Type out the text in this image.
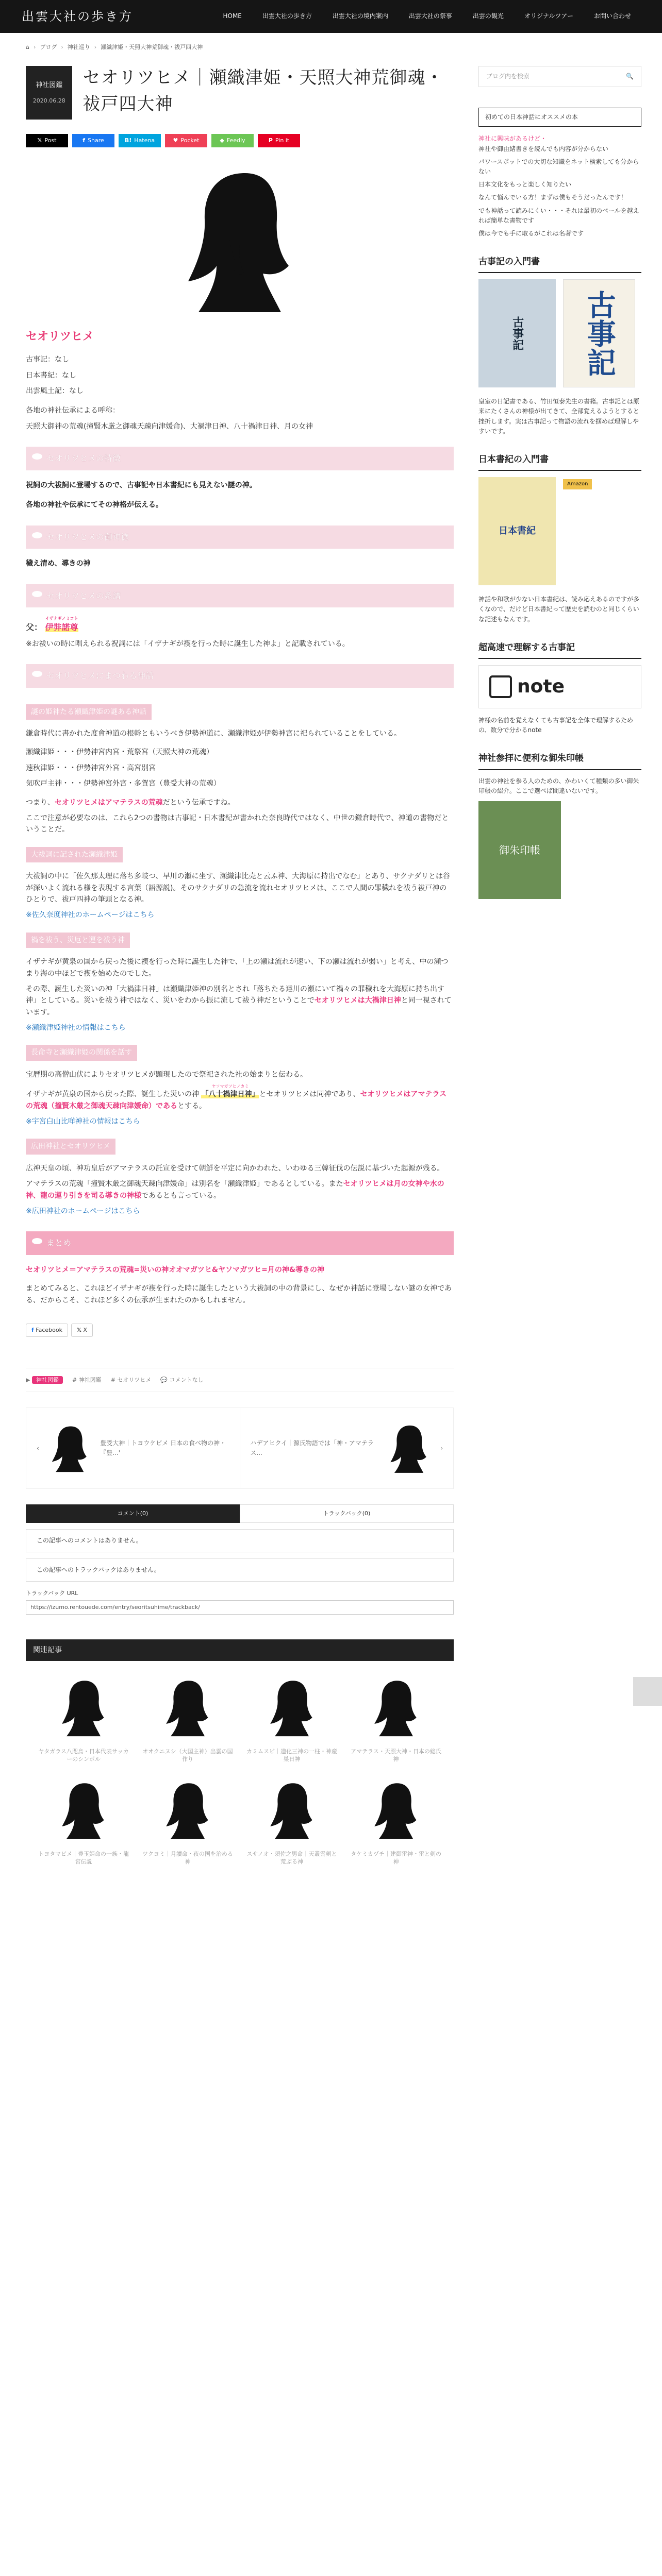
出雲大社の歩き方	HOME	出雲大社の歩き方	出雲大社の境内案内	出雲大社の祭事	出雲の観光	オリジナルツアー	お問い合わせ
⌂ › ブログ › 神社巡り › 瀬織津姫・天照大神荒御魂・祓戸四大神
神社図鑑
2020.06.28
セオリツヒメ｜瀬織津姫・天照大神荒御魂・祓戸四大神
𝕏 Post	f Share	B! Hatena	♥ Pocket	◆ Feedly	P Pin it
セオリツヒメ

古事記：なし

日本書紀：なし

出雲風土記：なし

各地の神社伝承による呼称：

天照大御神の荒魂(撞賢木厳之御魂天疎向津媛命)、大禍津日神、八十禍津日神、月の女神

セオリツヒメの特徴

祝詞の大祓詞に登場するので、古事記や日本書紀にも見えない謎の神。

各地の神社や伝承にてその神格が伝える。

セオリツヒメの御神徳

穢え清め、導きの神

セオリツヒメの系譜
父：
イザナギノミコト
伊弉諾尊

※お祓いの時に唱えられる祝詞には「イザナギが禊を行った時に誕生した神よ」と記載されている。

セオリツヒメにまつわる神話
謎の姫神たる瀬織津姫の謎ある神話

鎌倉時代に書かれた度會神道の根幹ともいうべき伊勢神道に、瀬織津姫が伊勢神宮に祀られていることをしている。

瀬織津姫・・・伊勢神宮内宮・荒祭宮（天照大神の荒魂）

速秋津姫・・・伊勢神宮外宮・高宮別宮

気吹戸主神・・・伊勢神宮外宮・多賀宮（豊受大神の荒魂）

つまり、セオリツヒメはアマテラスの荒魂だという伝承ですね。

ここで注意が必要なのは、これら2つの書物は古事記・日本書紀が書かれた奈良時代ではなく、中世の鎌倉時代で、神道の書物だということだ。

大祓詞に記された瀬織津姫

大祓詞の中に「佐久那太理に落ち多岐つ、早川の瀬に坐す、瀬織津比売と云ふ神、大海原に持出でなむ」とあり、サクナダリとは谷が深いよく流れる様を表現する言葉（語源説)。そのサクナダリの急流を流れセオリツヒメは、ここで人間の罪穢れを祓う祓戸神のひとりで、祓戸四神の筆頭となる神。

※佐久奈度神社のホームページはこちら

禍を祓う、災厄と運を祓う神

イザナギが黄泉の国から戻った後に禊を行った時に誕生した神で、「上の瀬は流れが速い、下の瀬は流れが弱い」と考え、中の瀬つまり海の中ほどで禊を始めたのでした。

その際、誕生した災いの神「大禍津日神」は瀬織津姫神の別名とされ「落ちたる達川の瀬にいて禍々の罪穢れを大海原に持ち出す神」としている。災いを祓う神ではなく、災いをわから振に流して祓う神だということでセオリツヒメは大禍津日神と同一視されています。

※瀬織津姫神社の情報はこちら

長命寺と瀬織津姫の関係を話す

宝暦期の高僧山伏によりセオリツヒメが顕現したので祭祀された社の始まりと伝わる。

イザナギが黄泉の国から戻った際、誕生した災いの神
ヤソマガツヒノカミ
「八十禍津日神」とセオリツヒメは同神であり、セオリツヒメはアマテラスの荒魂（撞賢木厳之御魂天疎向津媛命）であるとする。

※宇宮白山比咩神社の情報はこちら

広田神社とセオリツヒメ

広神天皇の頃、神功皇后がアマテラスの託宣を受けて朝鮮を平定に向かわれた、いわゆる三韓征伐の伝説に基づいた起源が残る。

アマテラスの荒魂「撞賢木厳之御魂天疎向津媛命」は別名を「瀬織津姫」であるとしている。またセオリツヒメは月の女神や水の神、龍の運り引きを司る導きの神様であるとも言っている。

※広田神社のホームページはこちら

まとめ

セオリツヒメ＝アマテラスの荒魂=災いの神オオマガツヒ&ヤソマガツヒ=月の神&導きの神

まとめてみると、これほどイザナギが禊を行った時に誕生したという大祓詞の中の背景にし、なぜか神話に登場しない謎の女神である、だからこそ、これほど多くの伝承が生まれたのかもしれません。

f Facebook	𝕏 X
▶ 神社図鑑	# 神社図鑑 # セオリツヒメ 💬 コメントなし
‹
豊受大神｜トヨウケビメ 日本の食べ物の神・『豊...'
ハデアヒクイ｜源氏物語では「神・アマテラス...
›
コメント(0)	トラックバック(0)
この記事へのコメントはありません。
この記事へのトラックバックはありません。
トラックバック URL
https://izumo.rentouede.com/entry/seoritsuhime/trackback/
関連記事
ヤタガラス八咫烏・日本代表サッカーのシンボル
オオクニヌシ（大国主神）出雲の国作り
カミムスビ｜造化三神の一柱・神産巣日神
アマテラス・天照大神・日本の総氏神
トヨタマビメ｜豊玉姫命の一族・龍宮伝説
ツクヨミ｜月讀命・夜の国を治める神
スサノオ・須佐之男命｜天叢雲剣と荒ぶる神
タケミカヅチ｜建御雷神・雷と剣の神
ブログ内を検索	🔍
初めての日本神話にオススメの本

神社に興味があるけど・
神社や御由緒書きを読んでも内容が分からない

パワースポットでの大切な知識をネット検索しても分からない

日本文化をもっと楽しく知りたい

なんて悩んでいる方！まずは僕もそうだったんです！

でも神話って読みにくい・・・それは最初のベールを越えれば簡単な書物です

僕は今でも手に取るがこれは名著です

古事記の入門書
古事記 古事記

皇室の日記書である、竹田恒泰先生の書籍。古事記とは原来にたくさんの神様が出てきて、全部覚えるようとすると挫折します。実は古事記って物語の流れを掴めば理解しやすいです。

日本書紀の入門書
日本書紀
Amazon

神話や和歌が少ない日本書紀は、読み応えあるのですが多くなので、だけど日本書紀って歴史を読むのと同じくらいな記述もなんです。

超高速で理解する古事記
note

神様の名前を覚えなくても古事記を全体で理解するための、数分で分かるnote

神社参拝に便利な御朱印帳

出雲の神社を参る人のための、かわいくて種類の多い御朱印帳の紹介。ここで選べば間違いないです。

御朱印帳
